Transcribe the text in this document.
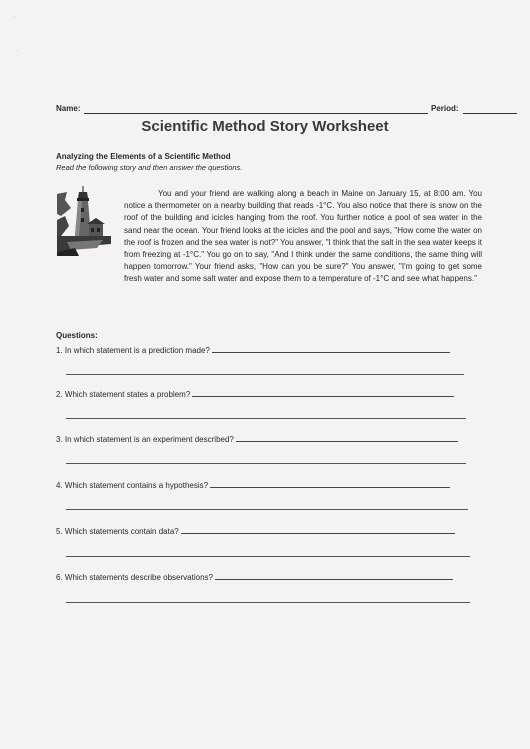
·
·
Name:	Period:
Scientific Method Story Worksheet
Analyzing the Elements of a Scientific Method
Read the following story and then answer the questions.
You and your friend are walking along a beach in Maine on January 15, at 8:00 am. You notice a thermometer on a nearby building that reads -1°C. You also notice that there is snow on the roof of the building and icicles hanging from the roof. You further notice a pool of sea water in the sand near the ocean. Your friend looks at the icicles and the pool and says, "How come the water on the roof is frozen and the sea water is not?" You answer, "I think that the salt in the sea water keeps it from freezing at -1°C." You go on to say, "And I think under the same conditions, the same thing will happen tomorrow." Your friend asks, "How can you be sure?" You answer, "I'm going to get some fresh water and some salt water and expose them to a temperature of -1°C and see what happens."
Questions:
1. In which statement is a prediction made?
2. Which statement states a problem?
3. In which statement is an experiment described?
4. Which statement contains a hypothesis?
5. Which statements contain data?
6. Which statements describe observations?
